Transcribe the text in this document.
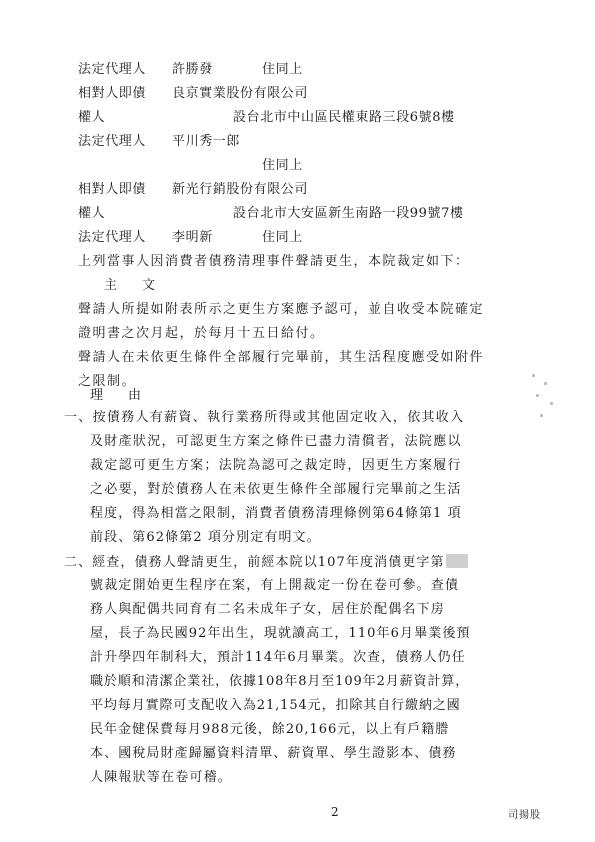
法定代理人 許勝發	住同上
相對人即債 良京實業股份有限公司
權人	設台北市中山區民權東路三段6號8樓
法定代理人 平川秀一郎
住同上
相對人即債 新光行銷股份有限公司
權人	設台北市大安區新生南路一段99號7樓
法定代理人 李明新	住同上
上列當事人因消費者債務清理事件聲請更生，本院裁定如下：
主　文
聲請人所提如附表所示之更生方案應予認可，並自收受本院確定
證明書之次月起，於每月十五日給付。
聲請人在未依更生條件全部履行完畢前，其生活程度應受如附件
之限制。
理　由
一、按債務人有薪資、執行業務所得或其他固定收入，依其收入
及財產狀況，可認更生方案之條件已盡力清償者，法院應以
裁定認可更生方案；法院為認可之裁定時，因更生方案履行
之必要，對於債務人在未依更生條件全部履行完畢前之生活
程度，得為相當之限制，消費者債務清理條例第64條第1 項
前段、第62條第2 項分別定有明文。
二、經查，債務人聲請更生，前經本院以107年度消債更字第
號裁定開始更生程序在案，有上開裁定一份在卷可參。查債
務人與配偶共同育有二名未成年子女，居住於配偶名下房
屋，長子為民國92年出生，現就讀高工，110年6月畢業後預
計升學四年制科大，預計114年6月畢業。次查，債務人仍任
職於順和清潔企業社，依據108年8月至109年2月薪資計算，
平均每月實際可支配收入為21,154元，扣除其自行繳納之國
民年金健保費每月988元後，餘20,166元，以上有戶籍謄
本、國稅局財產歸屬資料清單、薪資單、學生證影本、債務
人陳報狀等在卷可稽。
2	司揚股
